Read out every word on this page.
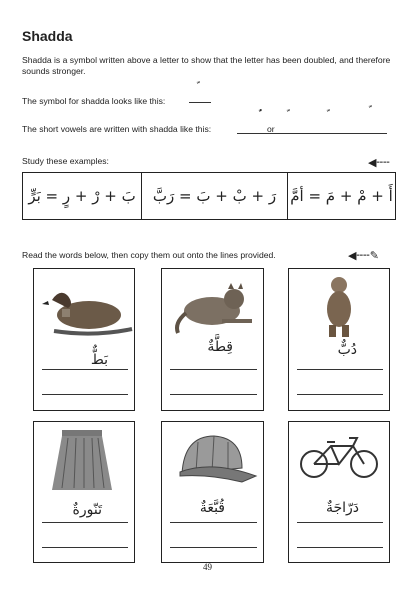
Shadda
Shadda is a symbol written above a letter to show that the letter has been doubled, and therefore sounds stronger.
The symbol for shadda looks like this:
The short vowels are written with shadda like this:	or
Study these examples:	◀╌╌
بَ + رْ + رٍ = بَرٍّ	رَ + بْ + بَ = رَبَّ أَ + مْ + مَ = أمَّ
Read the words below, then copy them out onto the lines provided.	◀╌╌✎
بَطٌّ
قِطَّةٌ	دُبٌّ
تَنّورةٌ	قُبَّعَةٌ	دَرّاجَةٌ
49
